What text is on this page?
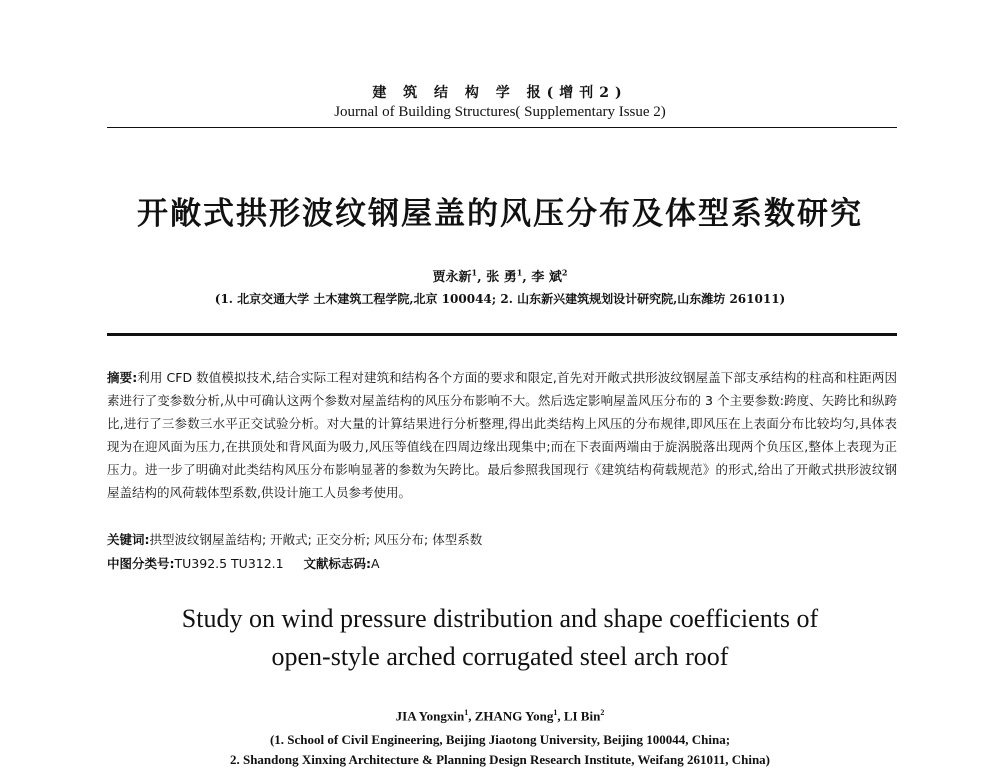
建 筑 结 构 学 报(增刊2)
Journal of Building Structures( Supplementary Issue 2)
开敞式拱形波纹钢屋盖的风压分布及体型系数研究
贾永新$^1$, 张 勇$^1$, 李 斌$^2$
(1. 北京交通大学 土木建筑工程学院,北京 100044; 2. 山东新兴建筑规划设计研究院,山东潍坊 261011)
摘要:利用 CFD 数值模拟技术,结合实际工程对建筑和结构各个方面的要求和限定,首先对开敞式拱形波纹钢屋盖下部支承结构的柱高和柱距两因素进行了变参数分析,从中可确认这两个参数对屋盖结构的风压分布影响不大。然后选定影响屋盖风压分布的 3 个主要参数:跨度、矢跨比和纵跨比,进行了三参数三水平正交试验分析。对大量的计算结果进行分析整理,得出此类结构上风压的分布规律,即风压在上表面分布比较均匀,具体表现为在迎风面为压力,在拱顶处和背风面为吸力,风压等值线在四周边缘出现集中;而在下表面两端由于旋涡脱落出现两个负压区,整体上表现为正压力。进一步了明确对此类结构风压分布影响显著的参数为矢跨比。最后参照我国现行《建筑结构荷载规范》的形式,给出了开敞式拱形波纹钢屋盖结构的风荷载体型系数,供设计施工人员参考使用。
关键词:拱型波纹钢屋盖结构; 开敞式; 正交分析; 风压分布; 体型系数
中图分类号:TU392.5 TU312.1 文献标志码:A
Study on wind pressure distribution and shape coefficients of
open-style arched corrugated steel arch roof
JIA Yongxin$^1$, ZHANG Yong$^1$, LI Bin$^2$
(1. School of Civil Engineering, Beijing Jiaotong University, Beijing 100044, China;
2. Shandong Xinxing Architecture & Planning Design Research Institute, Weifang 261011, China)
